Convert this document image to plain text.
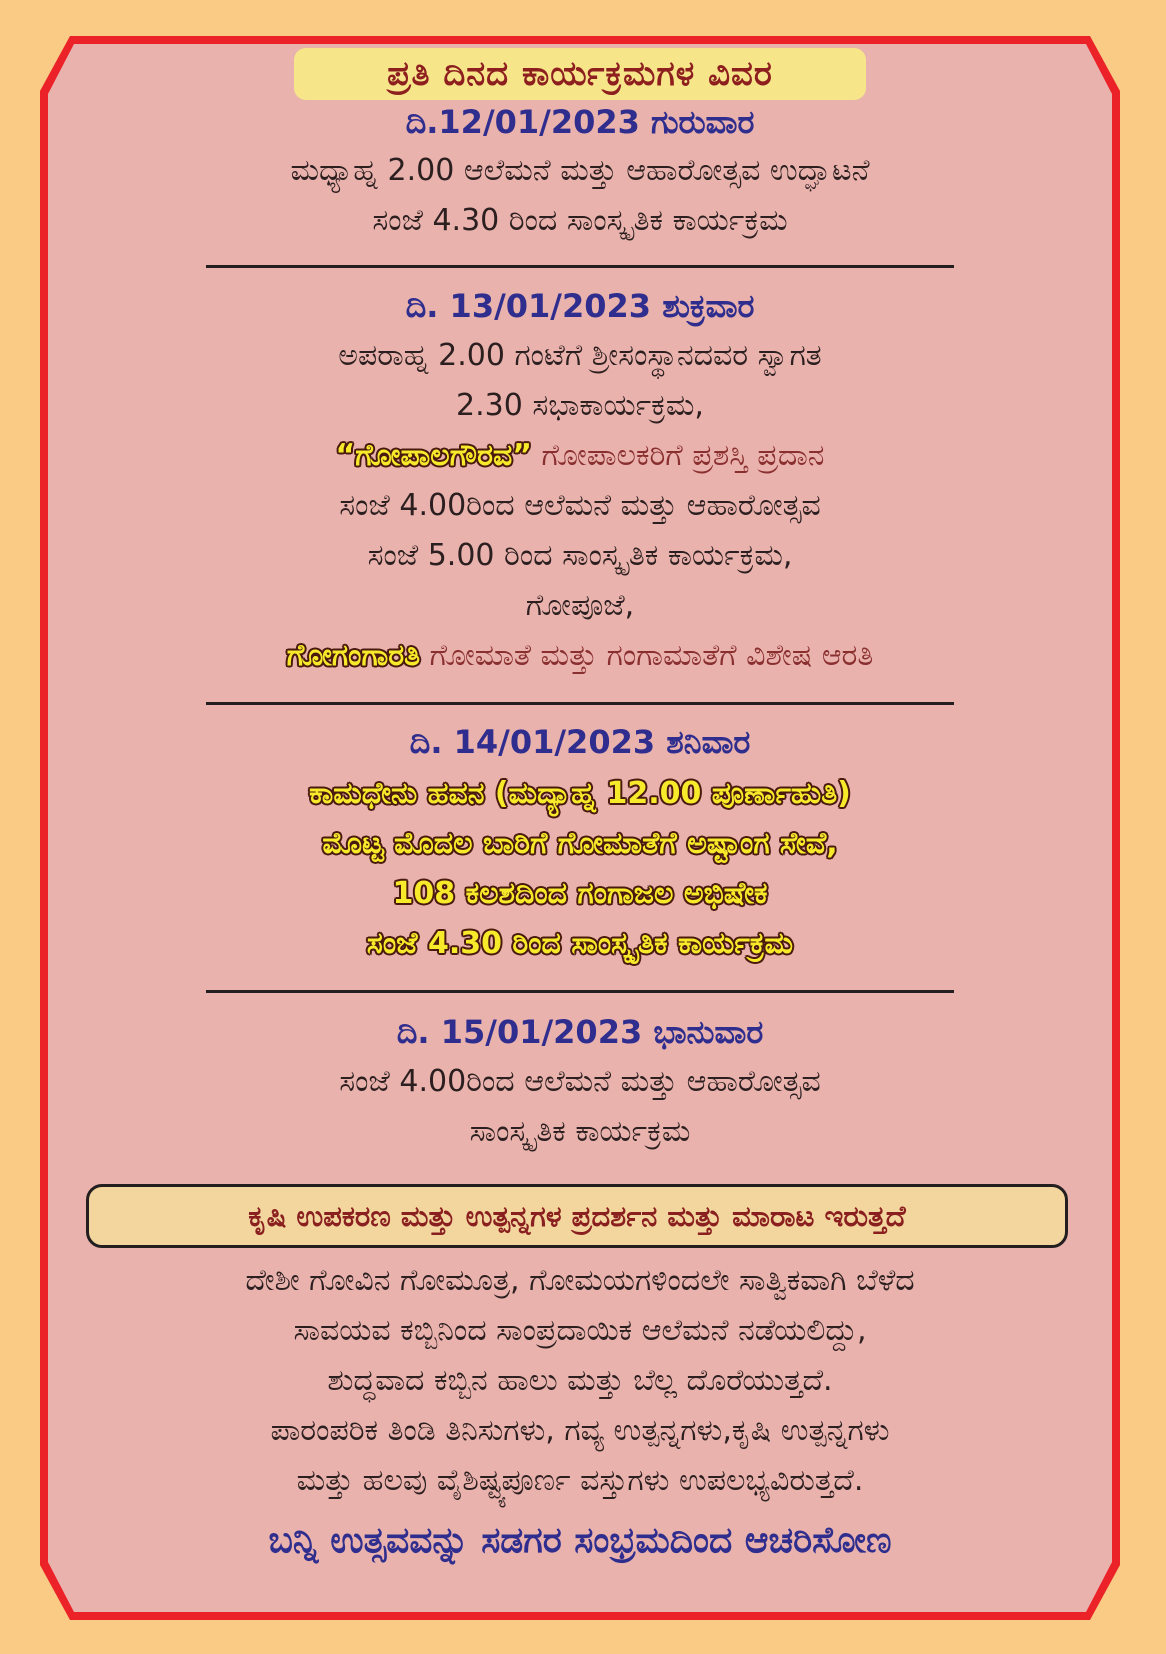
ಪ್ರತಿ ದಿನದ ಕಾರ್ಯಕ್ರಮಗಳ ವಿವರ
ದಿ.12/01/2023 ಗುರುವಾರ
ಮಧ್ಯಾಹ್ನ 2.00 ಆಲೆಮನೆ ಮತ್ತು ಆಹಾರೋತ್ಸವ ಉದ್ಘಾಟನೆ
ಸಂಜೆ 4.30 ರಿಂದ ಸಾಂಸ್ಕೃತಿಕ ಕಾರ್ಯಕ್ರಮ
ದಿ. 13/01/2023 ಶುಕ್ರವಾರ
ಅಪರಾಹ್ನ 2.00 ಗಂಟೆಗೆ ಶ್ರೀಸಂಸ್ಥಾನದವರ ಸ್ವಾಗತ
2.30 ಸಭಾಕಾರ್ಯಕ್ರಮ,
“ಗೋಪಾಲಗೌರವ” ಗೋಪಾಲಕರಿಗೆ ಪ್ರಶಸ್ತಿ ಪ್ರದಾನ
ಸಂಜೆ 4.00ರಿಂದ ಆಲೆಮನೆ ಮತ್ತು ಆಹಾರೋತ್ಸವ
ಸಂಜೆ 5.00 ರಿಂದ ಸಾಂಸ್ಕೃತಿಕ ಕಾರ್ಯಕ್ರಮ,
ಗೋಪೂಜೆ,
ಗೋಗಂಗಾರತಿ ಗೋಮಾತೆ ಮತ್ತು ಗಂಗಾಮಾತೆಗೆ ವಿಶೇಷ ಆರತಿ
ದಿ. 14/01/2023 ಶನಿವಾರ
ಕಾಮಧೇನು ಹವನ (ಮದ್ಯಾಹ್ನ 12.00 ಪೂರ್ಣಾಹುತಿ)
ಮೊಟ್ಟ ಮೊದಲ ಬಾರಿಗೆ ಗೋಮಾತೆಗೆ ಅಷ್ಟಾಂಗ ಸೇವೆ,
108 ಕಲಶದಿಂದ ಗಂಗಾಜಲ ಅಭಿಷೇಕ
ಸಂಜೆ 4.30 ರಿಂದ ಸಾಂಸ್ಕೃತಿಕ ಕಾರ್ಯಕ್ರಮ
ದಿ. 15/01/2023 ಭಾನುವಾರ
ಸಂಜೆ 4.00ರಿಂದ ಆಲೆಮನೆ ಮತ್ತು ಆಹಾರೋತ್ಸವ
ಸಾಂಸ್ಕೃತಿಕ ಕಾರ್ಯಕ್ರಮ
ಕೃಷಿ ಉಪಕರಣ ಮತ್ತು ಉತ್ಪನ್ನಗಳ ಪ್ರದರ್ಶನ ಮತ್ತು ಮಾರಾಟ ಇರುತ್ತದೆ
ದೇಶೀ ಗೋವಿನ ಗೋಮೂತ್ರ, ಗೋಮಯಗಳಿಂದಲೇ ಸಾತ್ವಿಕವಾಗಿ ಬೆಳೆದ
ಸಾವಯವ ಕಬ್ಬಿನಿಂದ ಸಾಂಪ್ರದಾಯಿಕ ಆಲೆಮನೆ ನಡೆಯಲಿದ್ದು,
ಶುದ್ಧವಾದ ಕಬ್ಬಿನ ಹಾಲು ಮತ್ತು ಬೆಲ್ಲ ದೊರೆಯುತ್ತದೆ.
ಪಾರಂಪರಿಕ ತಿಂಡಿ ತಿನಿಸುಗಳು, ಗವ್ಯ ಉತ್ಪನ್ನಗಳು,ಕೃಷಿ ಉತ್ಪನ್ನಗಳು
ಮತ್ತು ಹಲವು ವೈಶಿಷ್ಟ್ಯಪೂರ್ಣ ವಸ್ತುಗಳು ಉಪಲಭ್ಯವಿರುತ್ತದೆ.
ಬನ್ನಿ ಉತ್ಸವವನ್ನು ಸಡಗರ ಸಂಭ್ರಮದಿಂದ ಆಚರಿಸೋಣ
